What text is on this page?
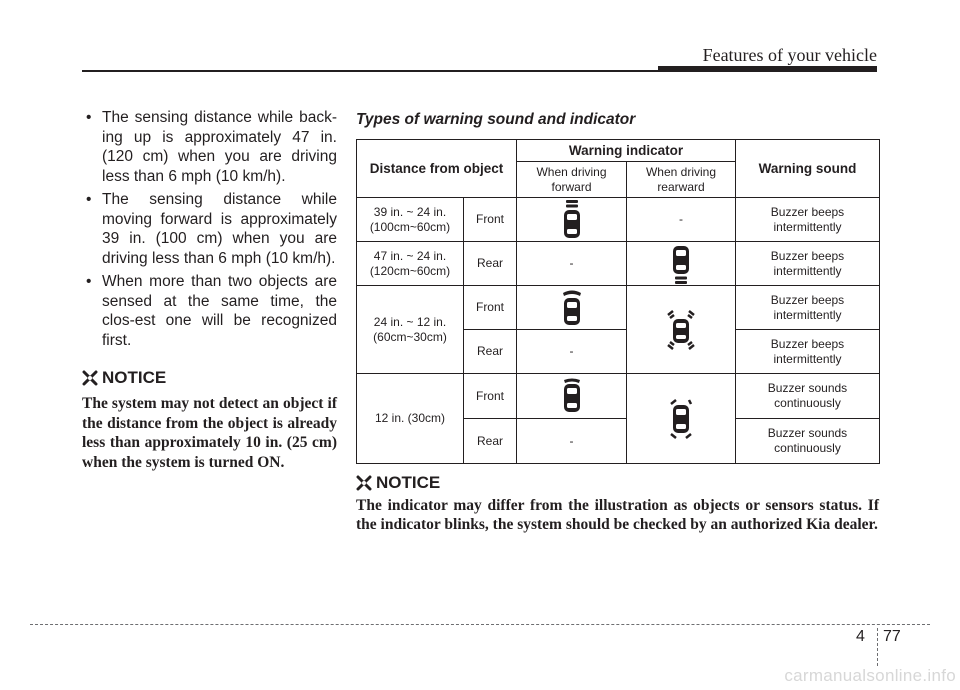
Features of your vehicle
• The sensing distance while back-ing up is approximately 47 in. (120 cm) when you are driving less than 6 mph (10 km/h).
• The sensing distance while moving forward is approximately 39 in. (100 cm) when you are driving less than 6 mph (10 km/h).
• When more than two objects are sensed at the same time, the clos-est one will be recognized first.
NOTICE
The system may not detect an object if the distance from the object is already less than approximately 10 in. (25 cm) when the system is turned ON.
Types of warning sound and indicator
Distance from object		Warning indicator		Warning sound
		When driving forward	When driving rearward	
39 in. ~ 24 in. (100cm~60cm)	Front		-	Buzzer beeps intermittently
47 in. ~ 24 in. (120cm~60cm)	Rear	-		Buzzer beeps intermittently
24 in. ~ 12 in. (60cm~30cm)	Front			Buzzer beeps intermittently
	Rear	-		Buzzer beeps intermittently
12 in. (30cm)	Front			Buzzer sounds continuously
	Rear	-		Buzzer sounds continuously
NOTICE
The indicator may differ from the illustration as objects or sensors status. If the indicator blinks, the system should be checked by an authorized Kia dealer.
4 77
carmanualsonline.info
